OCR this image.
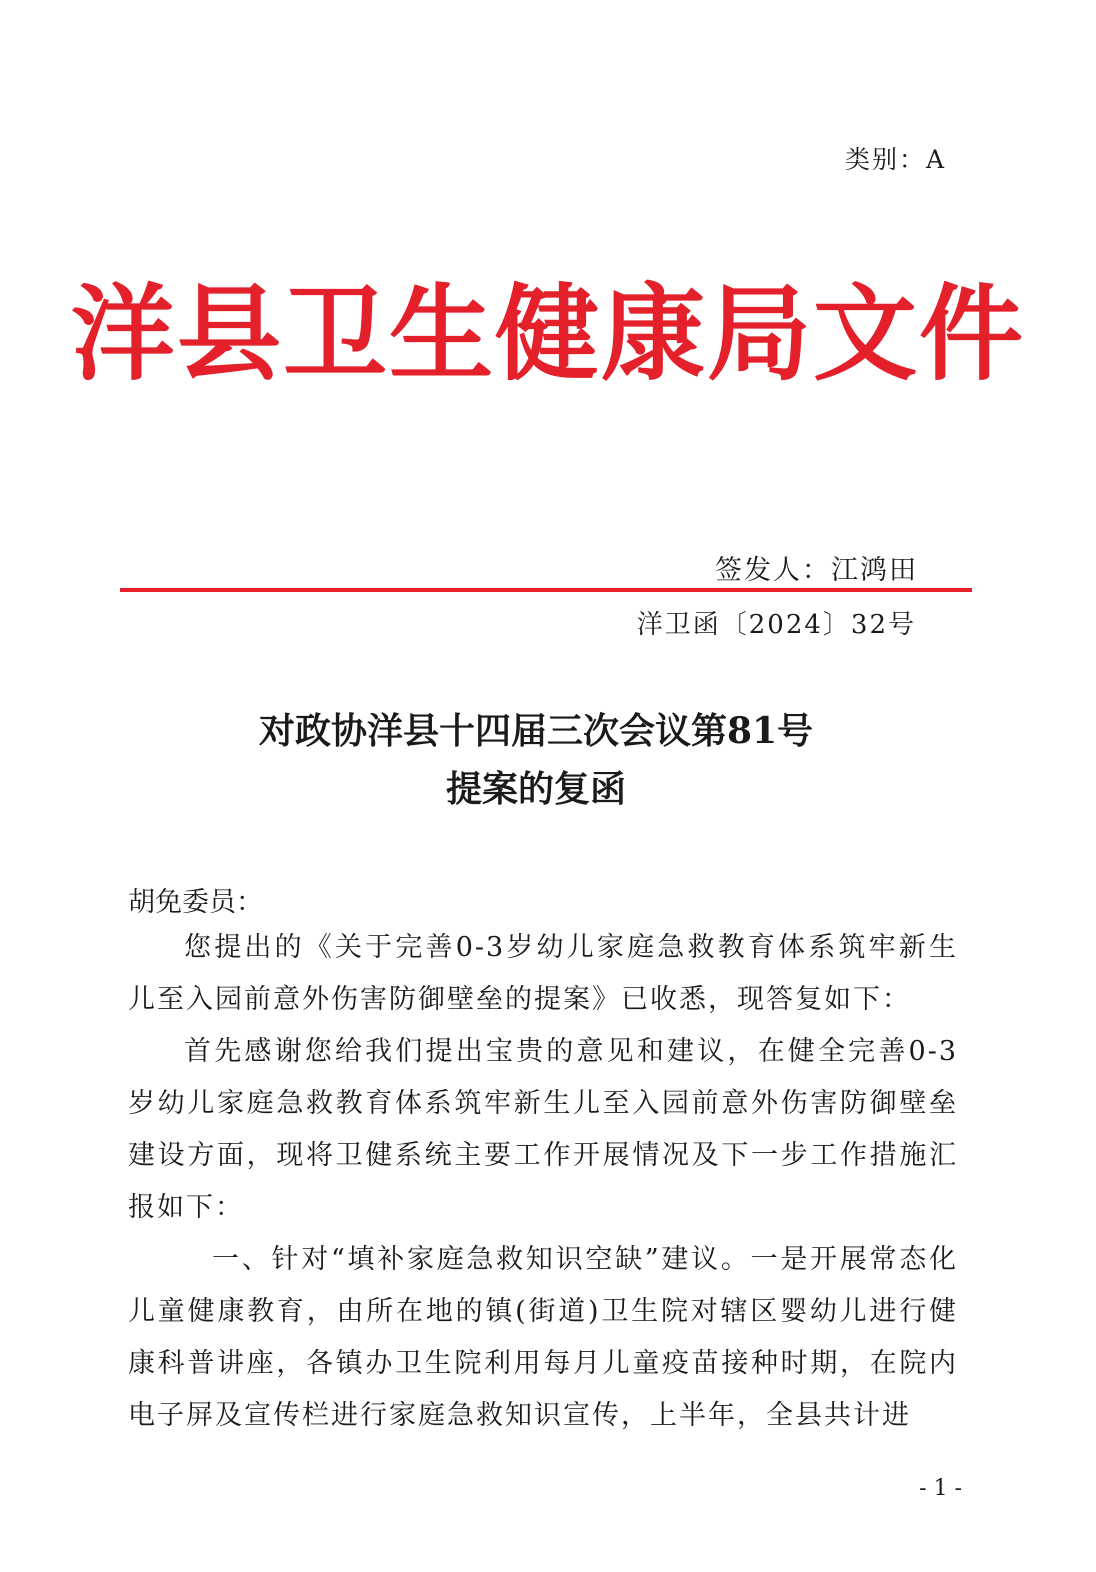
类别：A
洋县卫生健康局文件
签发人：江鸿田
洋卫函〔2024〕32号
对政协洋县十四届三次会议第81号
提案的复函
胡免委员：
您提出的《关于完善0-3岁幼儿家庭急救教育体系筑牢新生儿至入园前意外伤害防御壁垒的提案》已收悉，现答复如下：
首先感谢您给我们提出宝贵的意见和建议，在健全完善0-3岁幼儿家庭急救教育体系筑牢新生儿至入园前意外伤害防御壁垒建设方面，现将卫健系统主要工作开展情况及下一步工作措施汇报如下：
一、针对“填补家庭急救知识空缺”建议。一是开展常态化儿童健康教育，由所在地的镇(街道)卫生院对辖区婴幼儿进行健康科普讲座，各镇办卫生院利用每月儿童疫苗接种时期，在院内电子屏及宣传栏进行家庭急救知识宣传，上半年，全县共计进
- 1 -
